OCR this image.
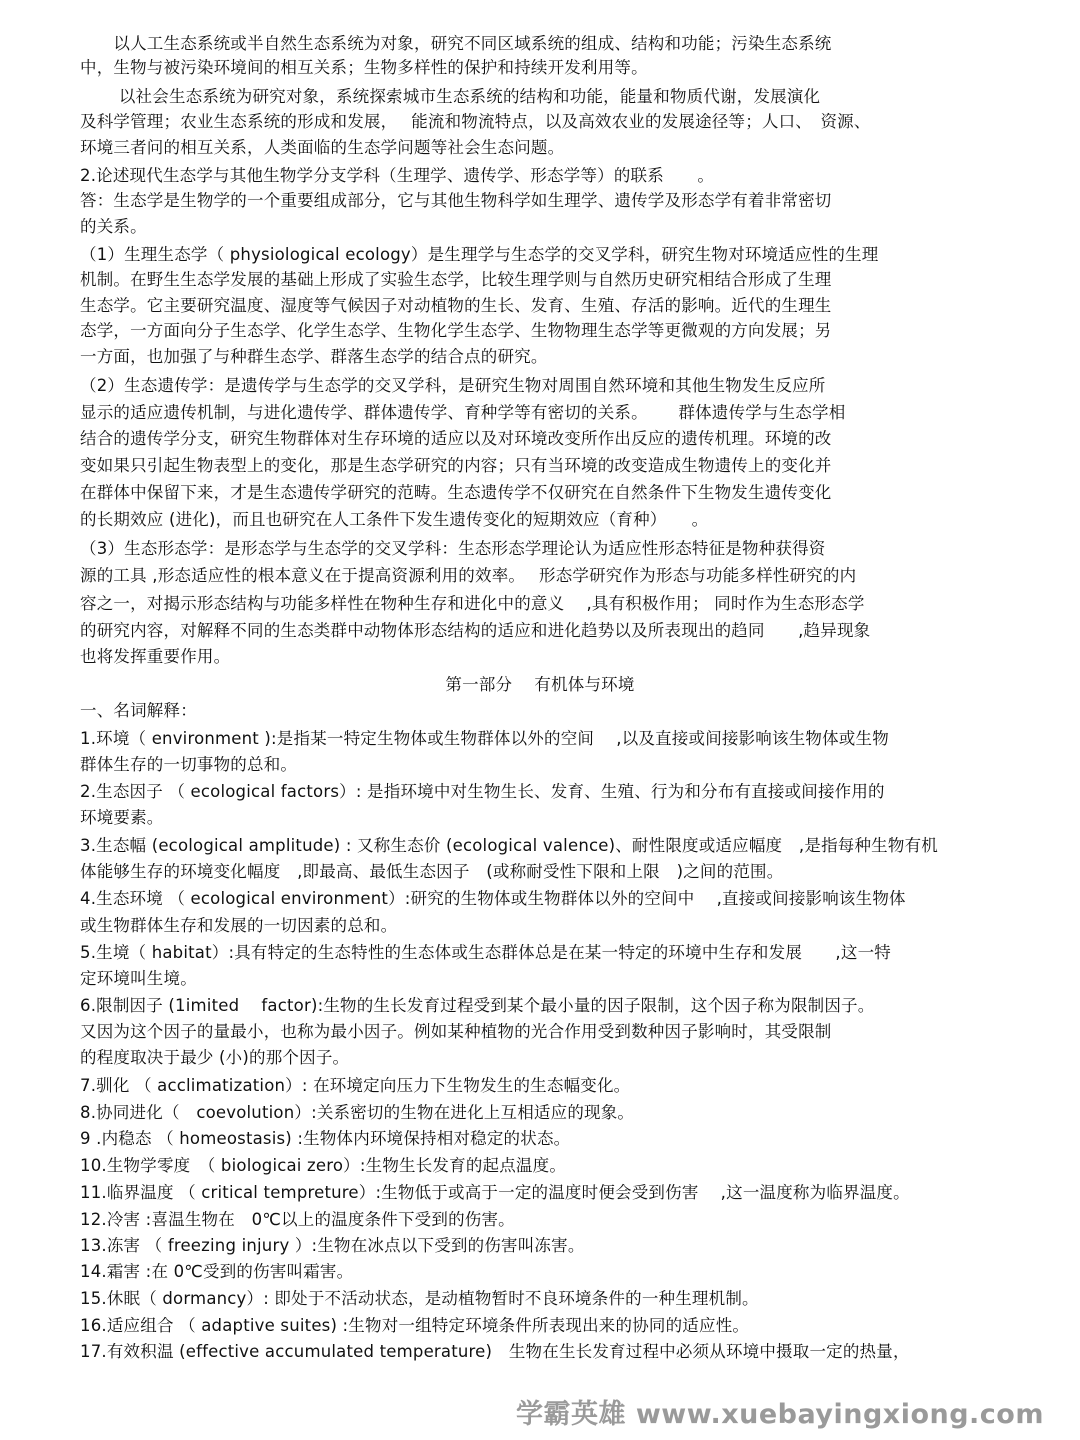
　　以人工生态系统或半自然生态系统为对象，研究不同区域系统的组成、结构和功能；污染生态系统
中，生物与被污染环境间的相互关系；生物多样性的保护和持续开发利用等。
　　 以社会生态系统为研究对象，系统探索城市生态系统的结构和功能，能量和物质代谢，发展演化
及科学管理；农业生态系统的形成和发展，　 能流和物流特点，以及高效农业的发展途径等；人口、　资源、
环境三者问的相互关系，人类面临的生态学问题等社会生态问题。
2.论述现代生态学与其他生物学分支学科（生理学、遗传学、形态学等）的联系　　。
答：生态学是生物学的一个重要组成部分，它与其他生物科学如生理学、遗传学及形态学有着非常密切
的关系。
（1）生理生态学（ physiological ecology）是生理学与生态学的交叉学科，研究生物对环境适应性的生理
机制。在野生生态学发展的基础上形成了实验生态学，比较生理学则与自然历史研究相结合形成了生理
生态学。它主要研究温度、湿度等气候因子对动植物的生长、发育、生殖、存活的影响。近代的生理生
态学，一方面向分子生态学、化学生态学、生物化学生态学、生物物理生态学等更微观的方向发展；另
一方面，也加强了与种群生态学、群落生态学的结合点的研究。
（2）生态遗传学：是遗传学与生态学的交叉学科，是研究生物对周围自然环境和其他生物发生反应所
显示的适应遗传机制，与进化遗传学、群体遗传学、育种学等有密切的关系。　　 群体遗传学与生态学相
结合的遗传学分支，研究生物群体对生存环境的适应以及对环境改变所作出反应的遗传机理。环境的改
变如果只引起生物表型上的变化，那是生态学研究的内容；只有当环境的改变造成生物遗传上的变化并
在群体中保留下来，才是生态遗传学研究的范畴。生态遗传学不仅研究在自然条件下生物发生遗传变化
的长期效应 (进化)，而且也研究在人工条件下发生遗传变化的短期效应（育种）　　。
（3）生态形态学：是形态学与生态学的交叉学科：生态形态学理论认为适应性形态特征是物种获得资
源的工具 ,形态适应性的根本意义在于提高资源利用的效率。　 形态学研究作为形态与功能多样性研究的内
容之一，对揭示形态结构与功能多样性在物种生存和进化中的意义　 ,具有积极作用； 同时作为生态形态学
的研究内容，对解释不同的生态类群中动物体形态结构的适应和进化趋势以及所表现出的趋同　　,趋异现象
也将发挥重要作用。
第一部分　 有机体与环境
一、名词解释：
1.环境（ environment ):是指某一特定生物体或生物群体以外的空间　 ,以及直接或间接影响该生物体或生物
群体生存的一切事物的总和。
2.生态因子 （ ecological factors）: 是指环境中对生物生长、发育、生殖、行为和分布有直接或间接作用的
环境要素。
3.生态幅 (ecological amplitude) : 又称生态价 (ecological valence)、耐性限度或适应幅度　,是指每种生物有机
体能够生存的环境变化幅度　,即最高、最低生态因子　(或称耐受性下限和上限　)之间的范围。
4.生态环境 （ ecological environment）:研究的生物体或生物群体以外的空间中　 ,直接或间接影响该生物体
或生物群体生存和发展的一切因素的总和。
5.生境（ habitat）:具有特定的生态特性的生态体或生态群体总是在某一特定的环境中生存和发展　　,这一特
定环境叫生境。
6.限制因子 (1imited　 factor):生物的生长发育过程受到某个最小量的因子限制，这个因子称为限制因子。
又因为这个因子的量最小，也称为最小因子。例如某种植物的光合作用受到数种因子影响时，其受限制
的程度取决于最少 (小)的那个因子。
7.驯化 （ acclimatization）: 在环境定向压力下生物发生的生态幅变化。
8.协同进化（　coevolution）:关系密切的生物在进化上互相适应的现象。
9 .内稳态 （ homeostasis) :生物体内环境保持相对稳定的状态。
10.生物学零度　（ biologicai zero）:生物生长发育的起点温度。
11.临界温度 （ critical tempreture）:生物低于或高于一定的温度时便会受到伤害　 ,这一温度称为临界温度。
12.冷害 :喜温生物在　0℃以上的温度条件下受到的伤害。
13.冻害 （ freezing injury ）:生物在冰点以下受到的伤害叫冻害。
14.霜害 :在 0℃受到的伤害叫霜害。
15.休眠（ dormancy）: 即处于不活动状态，是动植物暂时不良环境条件的一种生理机制。
16.适应组合 （ adaptive suites) :生物对一组特定环境条件所表现出来的协同的适应性。
17.有效积温 (effective accumulated temperature)　生物在生长发育过程中必须从环境中摄取一定的热量，
学霸英雄 www.xuebayingxiong.com
